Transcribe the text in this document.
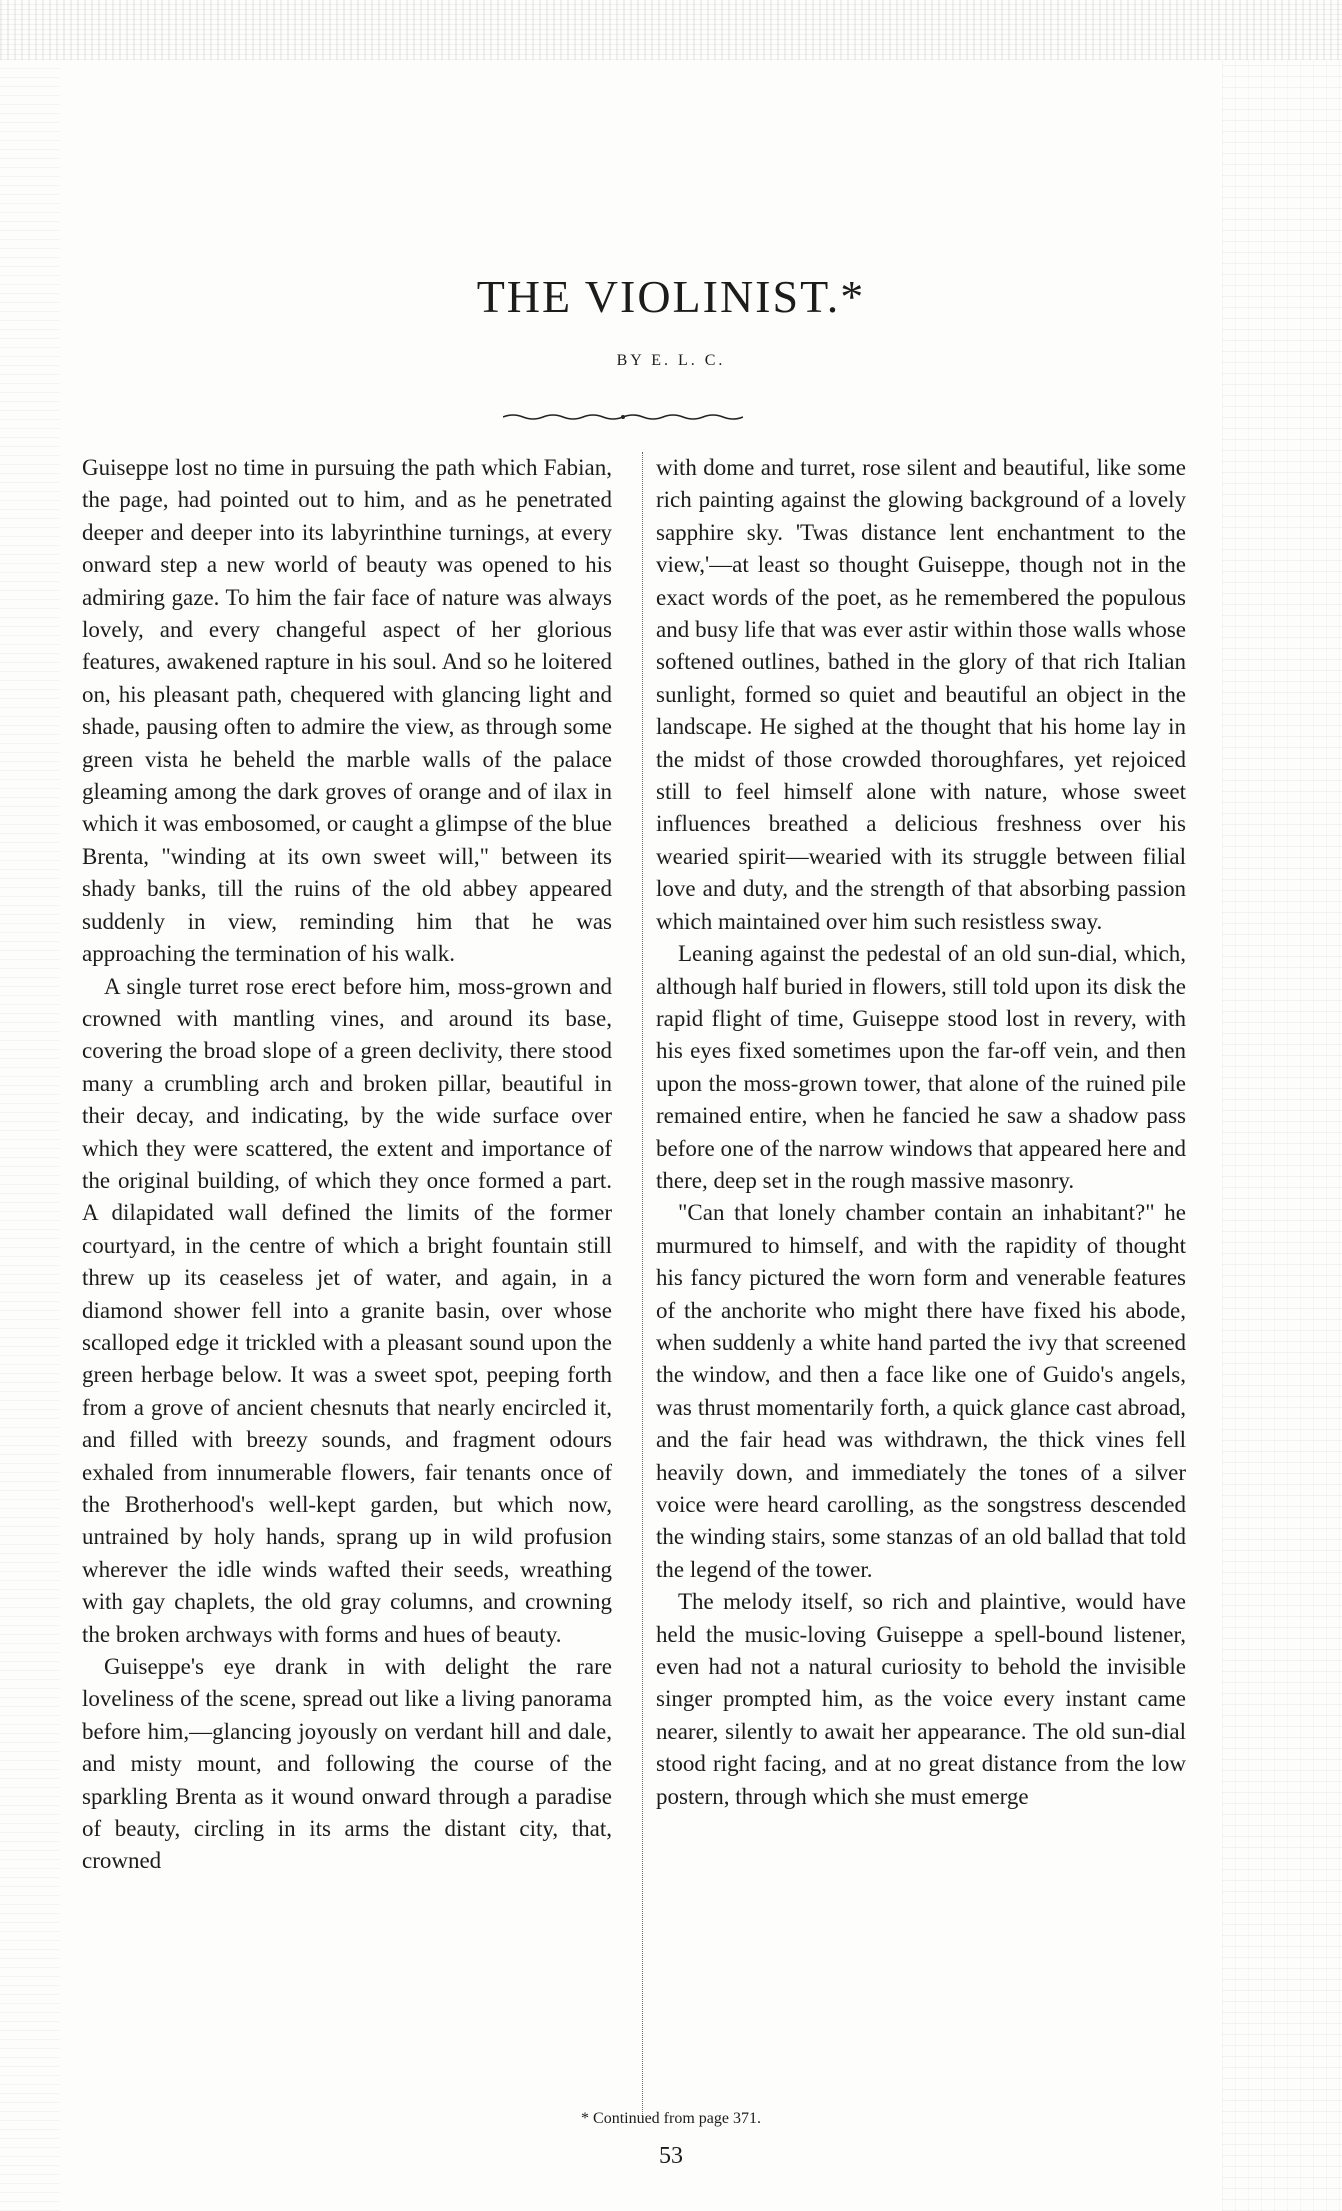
THE VIOLINIST.*
BY E. L. C.

Guiseppe lost no time in pursuing the path which Fabian, the page, had pointed out to him, and as he penetrated deeper and deeper into its labyrinthine turnings, at every onward step a new world of beauty was opened to his admiring gaze. To him the fair face of nature was always lovely, and every changeful aspect of her glorious features, awakened rapture in his soul. And so he loitered on, his pleasant path, chequered with glancing light and shade, pausing often to admire the view, as through some green vista he beheld the marble walls of the palace gleaming among the dark groves of orange and of ilax in which it was embosomed, or caught a glimpse of the blue Brenta, "winding at its own sweet will," between its shady banks, till the ruins of the old abbey appeared suddenly in view, reminding him that he was approaching the termination of his walk.

A single turret rose erect before him, moss-grown and crowned with mantling vines, and around its base, covering the broad slope of a green declivity, there stood many a crumbling arch and broken pillar, beautiful in their decay, and indicating, by the wide surface over which they were scattered, the extent and importance of the original building, of which they once formed a part. A dilapidated wall defined the limits of the former courtyard, in the centre of which a bright fountain still threw up its ceaseless jet of water, and again, in a diamond shower fell into a granite basin, over whose scalloped edge it trickled with a pleasant sound upon the green herbage below. It was a sweet spot, peeping forth from a grove of ancient chesnuts that nearly encircled it, and filled with breezy sounds, and fragment odours exhaled from innumerable flowers, fair tenants once of the Brotherhood's well-kept garden, but which now, untrained by holy hands, sprang up in wild profusion wherever the idle winds wafted their seeds, wreathing with gay chaplets, the old gray columns, and crowning the broken archways with forms and hues of beauty.

Guiseppe's eye drank in with delight the rare loveliness of the scene, spread out like a living panorama before him,—glancing joyously on verdant hill and dale, and misty mount, and following the course of the sparkling Brenta as it wound onward through a paradise of beauty, circling in its arms the distant city, that, crowned

with dome and turret, rose silent and beautiful, like some rich painting against the glowing background of a lovely sapphire sky. 'Twas distance lent enchantment to the view,'—at least so thought Guiseppe, though not in the exact words of the poet, as he remembered the populous and busy life that was ever astir within those walls whose softened outlines, bathed in the glory of that rich Italian sunlight, formed so quiet and beautiful an object in the landscape. He sighed at the thought that his home lay in the midst of those crowded thoroughfares, yet rejoiced still to feel himself alone with nature, whose sweet influences breathed a delicious freshness over his wearied spirit—wearied with its struggle between filial love and duty, and the strength of that absorbing passion which maintained over him such resistless sway.

Leaning against the pedestal of an old sun-dial, which, although half buried in flowers, still told upon its disk the rapid flight of time, Guiseppe stood lost in revery, with his eyes fixed sometimes upon the far-off vein, and then upon the moss-grown tower, that alone of the ruined pile remained entire, when he fancied he saw a shadow pass before one of the narrow windows that appeared here and there, deep set in the rough massive masonry.

"Can that lonely chamber contain an inhabitant?" he murmured to himself, and with the rapidity of thought his fancy pictured the worn form and venerable features of the anchorite who might there have fixed his abode, when suddenly a white hand parted the ivy that screened the window, and then a face like one of Guido's angels, was thrust momentarily forth, a quick glance cast abroad, and the fair head was withdrawn, the thick vines fell heavily down, and immediately the tones of a silver voice were heard carolling, as the songstress descended the winding stairs, some stanzas of an old ballad that told the legend of the tower.

The melody itself, so rich and plaintive, would have held the music-loving Guiseppe a spell-bound listener, even had not a natural curiosity to behold the invisible singer prompted him, as the voice every instant came nearer, silently to await her appearance. The old sun-dial stood right facing, and at no great distance from the low postern, through which she must emerge

* Continued from page 371.
53
